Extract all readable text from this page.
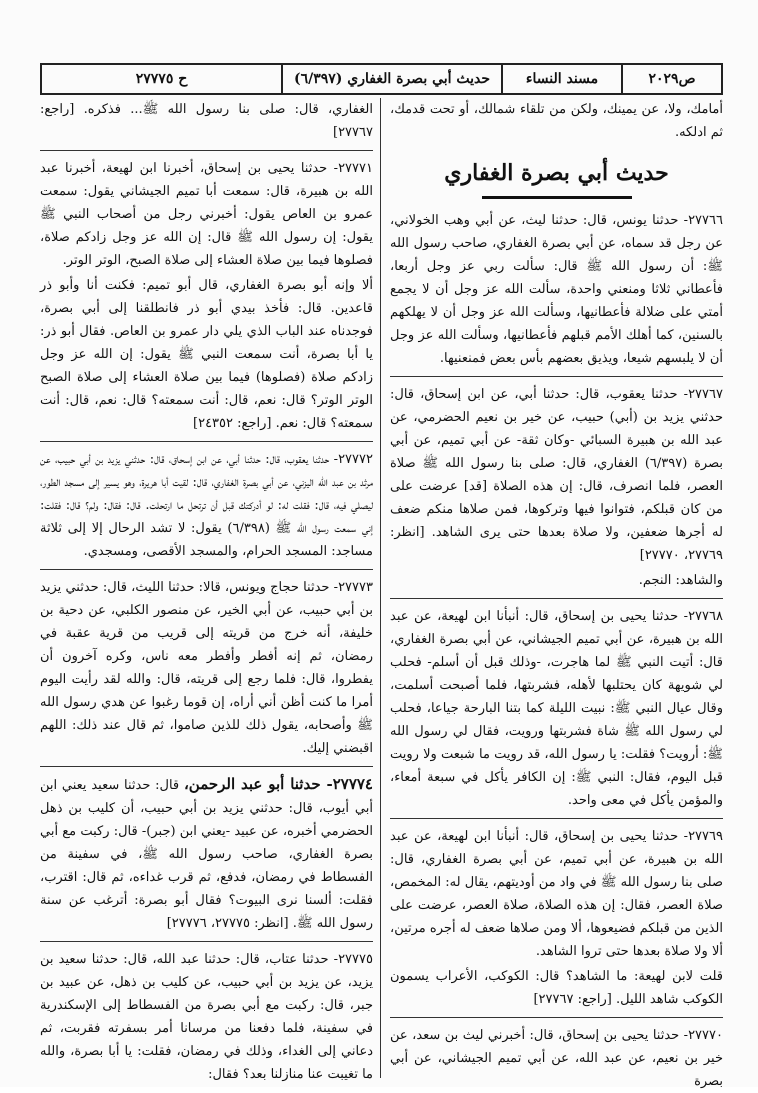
ص٢٠٢٩
مسند النساء
حديث أبي بصرة الغفاري (٦/٣٩٧)
ح ٢٧٧٧٥

أمامك، ولا، عن يمينك، ولكن من تلقاء شمالك، أو تحت قدمك، ثم ادلكه.

حديث أبي بصرة الغفاري

٢٧٧٦٦- حدثنا يونس، قال: حدثنا ليث، عن أبي وهب الخولاني، عن رجل قد سماه، عن أبي بصرة الغفاري، صاحب رسول الله ﷺ: أن رسول الله ﷺ قال: سألت ربي عز وجل أربعا، فأعطاني ثلاثا ومنعني واحدة، سألت الله عز وجل أن لا يجمع أمتي على ضلالة فأعطانيها، وسألت الله عز وجل أن لا يهلكهم بالسنين، كما أهلك الأمم قبلهم فأعطانيها، وسألت الله عز وجل أن لا يلبسهم شيعا، ويذيق بعضهم بأس بعض فمنعنيها.

٢٧٧٦٧- حدثنا يعقوب، قال: حدثنا أبي، عن ابن إسحاق، قال: حدثني يزيد بن (أبي) حبيب، عن خير بن نعيم الحضرمي، عن عبد الله بن هبيرة السبائي -وكان ثقة- عن أبي تميم، عن أبي بصرة (٦/٣٩٧) الغفاري، قال: صلى بنا رسول الله ﷺ صلاة العصر، فلما انصرف، قال: إن هذه الصلاة [قد] عرضت على من كان قبلكم، فتوانوا فيها وتركوها، فمن صلاها منكم ضعف له أجرها ضعفين، ولا صلاة بعدها حتى يرى الشاهد. [انظر: ٢٧٧٦٩، ٢٧٧٧٠]

والشاهد: النجم.

٢٧٧٦٨- حدثنا يحيى بن إسحاق، قال: أنبأنا ابن لهيعة، عن عبد الله بن هبيرة، عن أبي تميم الجيشاني، عن أبي بصرة الغفاري، قال: أتيت النبي ﷺ لما هاجرت، -وذلك قبل أن أسلم- فحلب لي شويهة كان يحتلبها لأهله، فشربتها، فلما أصبحت أسلمت، وقال عيال النبي ﷺ: نبيت الليلة كما بتنا البارحة جياعا، فحلب لي رسول الله ﷺ شاة فشربتها ورويت، فقال لي رسول الله ﷺ: أرويت؟ فقلت: يا رسول الله، قد رويت ما شبعت ولا رويت قبل اليوم، فقال: النبي ﷺ: إن الكافر يأكل في سبعة أمعاء، والمؤمن يأكل في معى واحد.

٢٧٧٦٩- حدثنا يحيى بن إسحاق، قال: أنبأنا ابن لهيعة، عن عبد الله بن هبيرة، عن أبي تميم، عن أبي بصرة الغفاري، قال: صلى بنا رسول الله ﷺ في واد من أوديتهم، يقال له: المخمص، صلاة العصر، فقال: إن هذه الصلاة، صلاة العصر، عرضت على الذين من قبلكم فضيعوها، ألا ومن صلاها ضعف له أجره مرتين، ألا ولا صلاة بعدها حتى تروا الشاهد.

قلت لابن لهيعة: ما الشاهد؟ قال: الكوكب، الأعراب يسمون الكوكب شاهد الليل. [راجع: ٢٧٧٦٧]

٢٧٧٧٠- حدثنا يحيى بن إسحاق، قال: أخبرني ليث بن سعد، عن خير بن نعيم، عن عبد الله، عن أبي تميم الجيشاني، عن أبي بصرة

الغفاري، قال: صلى بنا رسول الله ﷺ... فذكره. [راجع: ٢٧٧٦٧]

٢٧٧٧١- حدثنا يحيى بن إسحاق، أخبرنا ابن لهيعة، أخبرنا عبد الله بن هبيرة، قال: سمعت أبا تميم الجيشاني يقول: سمعت عمرو بن العاص يقول: أخبرني رجل من أصحاب النبي ﷺ يقول: إن رسول الله ﷺ قال: إن الله عز وجل زادكم صلاة، فصلوها فيما بين صلاة العشاء إلى صلاة الصبح، الوتر الوتر.

ألا وإنه أبو بصرة الغفاري، قال أبو تميم: فكنت أنا وأبو ذر قاعدين. قال: فأخذ بيدي أبو ذر فانطلقنا إلى أبي بصرة، فوجدناه عند الباب الذي يلي دار عمرو بن العاص. فقال أبو ذر: يا أبا بصرة، أنت سمعت النبي ﷺ يقول: إن الله عز وجل زادكم صلاة (فصلوها) فيما بين صلاة العشاء إلى صلاة الصبح الوتر الوتر؟ قال: نعم، قال: أنت سمعته؟ قال: نعم، قال: أنت سمعته؟ قال: نعم. [راجع: ٢٤٣٥٢]

٢٧٧٧٢- حدثنا يعقوب، قال: حدثنا أبي، عن ابن إسحاق، قال: حدثني يزيد بن أبي حبيب، عن مرثد بن عبد الله اليزني، عن أبي بصرة الغفاري، قال: لقيت أبا هريرة، وهو يسير إلى مسجد الطور، ليصلي فيه، قال: فقلت له: لو أدركتك قبل أن ترتحل ما ارتحلت. قال: فقال: ولم؟ قال: فقلت: إني سمعت رسول الله ﷺ (٦/٣٩٨) يقول: لا تشد الرحال إلا إلى ثلاثة مساجد: المسجد الحرام، والمسجد الأقصى، ومسجدي.

٢٧٧٧٣- حدثنا حجاج ويونس، قالا: حدثنا الليث، قال: حدثني يزيد بن أبي حبيب، عن أبي الخير، عن منصور الكلبي، عن دحية بن خليفة، أنه خرج من قريته إلى قريب من قرية عقبة في رمضان، ثم إنه أفطر وأفطر معه ناس، وكره آخرون أن يفطروا، قال: فلما رجع إلى قريته، قال: والله لقد رأيت اليوم أمرا ما كنت أظن أني أراه، إن قوما رغبوا عن هدي رسول الله ﷺ وأصحابه، يقول ذلك للذين صاموا، ثم قال عند ذلك: اللهم اقبضني إليك.

٢٧٧٧٤- حدثنا أبو عبد الرحمن، قال: حدثنا سعيد يعني ابن أبي أيوب، قال: حدثني يزيد بن أبي حبيب، أن كليب بن ذهل الحضرمي أخبره، عن عبيد -يعني ابن (جبر)- قال: ركبت مع أبي بصرة الغفاري، صاحب رسول الله ﷺ، في سفينة من الفسطاط في رمضان، فدفع، ثم قرب غداءه، ثم قال: اقترب، فقلت: ألسنا نرى البيوت؟ فقال أبو بصرة: أترغب عن سنة رسول الله ﷺ. [انظر: ٢٧٧٧٥، ٢٧٧٧٦]

٢٧٧٧٥- حدثنا عتاب، قال: حدثنا عبد الله، قال: حدثنا سعيد بن يزيد، عن يزيد بن أبي حبيب، عن كليب بن ذهل، عن عبيد بن جبر، قال: ركبت مع أبي بصرة من الفسطاط إلى الإسكندرية في سفينة، فلما دفعنا من مرسانا أمر بسفرته فقربت، ثم دعاني إلى الغداء، وذلك في رمضان، فقلت: يا أبا بصرة، والله ما تغيبت عنا منازلنا بعد؟ فقال:
